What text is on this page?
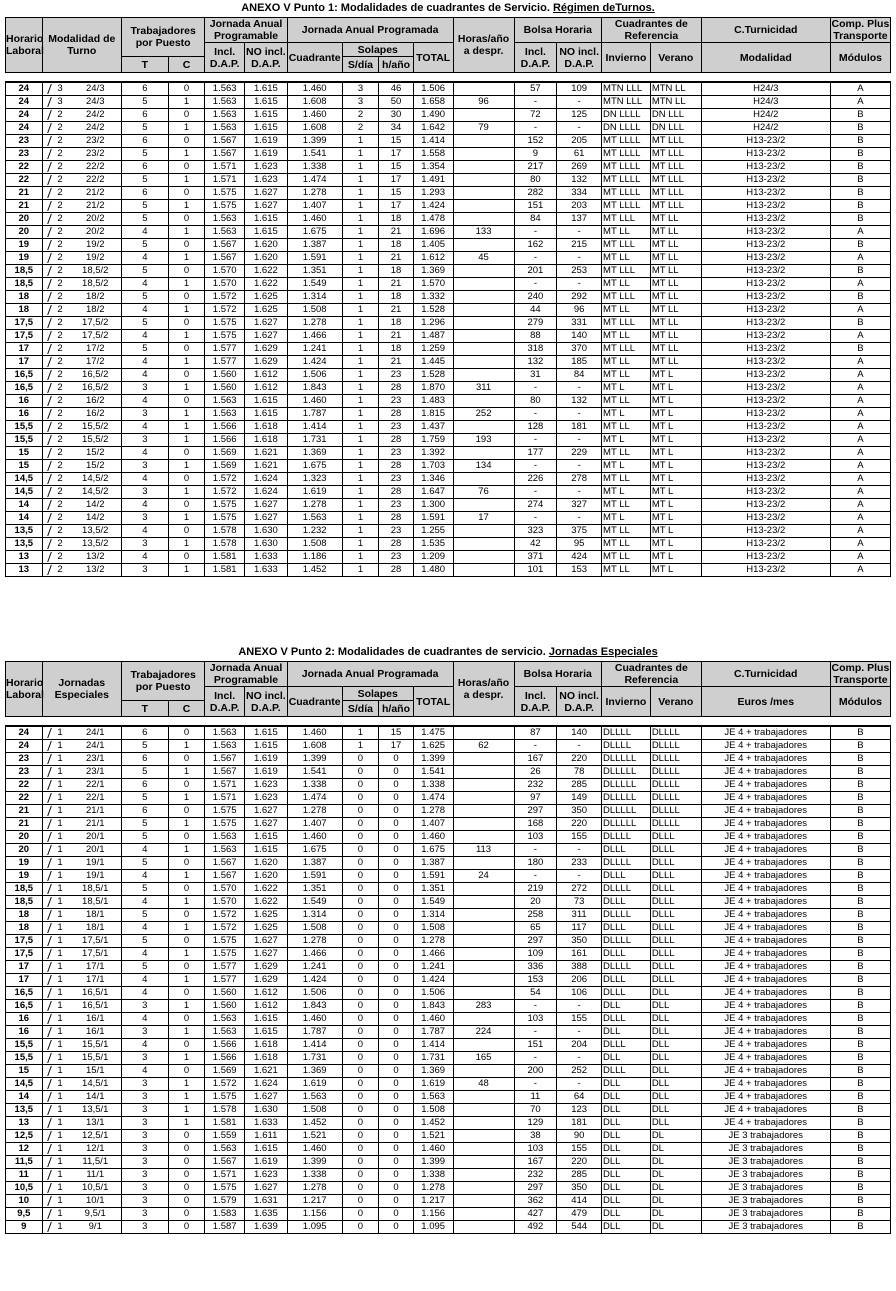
ANEXO V Punto 1: Modalidades de cuadrantes de Servicio. Régimen deTurnos.
Horario Laboral	Modalidad de Turno			Trabajadores por Puesto		Jornada Anual Programable		Jornada Anual Programada				Horas/año a despr.	Bolsa Horaria		Cuadrantes de Referencia		C.Turnicidad	Comp. Plus Transporte
						Incl. D.A.P.	NO incl. D.A.P.	Cuadrante	Solapes		TOTAL		Incl. D.A.P.	NO incl. D.A.P.	Invierno	Verano	Modalidad	Módulos
				T	C				S/día	h/año								

24		3	24/3	6	0	1.563	1.615	1.460	3	46	1.506		57	109	MTN LLL	MTN LL	H24/3	A
24		3	24/3	5	1	1.563	1.615	1.608	3	50	1.658	96	-	-	MTN LLL	MTN LL	H24/3	A
24		2	24/2	6	0	1.563	1.615	1.460	2	30	1.490		72	125	DN LLLL	DN LLL	H24/2	B
24		2	24/2	5	1	1.563	1.615	1.608	2	34	1.642	79	-	-	DN LLLL	DN LLL	H24/2	B
23		2	23/2	6	0	1.567	1.619	1.399	1	15	1.414		152	205	MT LLLL	MT LLL	H13-23/2	B
23		2	23/2	5	1	1.567	1.619	1.541	1	17	1.558		9	61	MT LLLL	MT LLL	H13-23/2	B
22		2	22/2	6	0	1.571	1.623	1.338	1	15	1.354		217	269	MT LLLL	MT LLL	H13-23/2	B
22		2	22/2	5	1	1.571	1.623	1.474	1	17	1.491		80	132	MT LLLL	MT LLL	H13-23/2	B
21		2	21/2	6	0	1.575	1.627	1.278	1	15	1.293		282	334	MT LLLL	MT LLL	H13-23/2	B
21		2	21/2	5	1	1.575	1.627	1.407	1	17	1.424		151	203	MT LLLL	MT LLL	H13-23/2	B
20		2	20/2	5	0	1.563	1.615	1.460	1	18	1.478		84	137	MT LLL	MT LL	H13-23/2	B
20		2	20/2	4	1	1.563	1.615	1.675	1	21	1.696	133	-	-	MT LL	MT LL	H13-23/2	A
19		2	19/2	5	0	1.567	1.620	1.387	1	18	1.405		162	215	MT LLL	MT LL	H13-23/2	B
19		2	19/2	4	1	1.567	1.620	1.591	1	21	1.612	45	-	-	MT LL	MT LL	H13-23/2	A
18,5		2	18,5/2	5	0	1.570	1.622	1.351	1	18	1.369		201	253	MT LLL	MT LL	H13-23/2	B
18,5		2	18,5/2	4	1	1.570	1.622	1.549	1	21	1.570		-	-	MT LL	MT LL	H13-23/2	A
18		2	18/2	5	0	1.572	1.625	1.314	1	18	1.332		240	292	MT LLL	MT LL	H13-23/2	B
18		2	18/2	4	1	1.572	1.625	1.508	1	21	1.528		44	96	MT LL	MT LL	H13-23/2	A
17,5		2	17,5/2	5	0	1.575	1.627	1.278	1	18	1.296		279	331	MT LLL	MT LL	H13-23/2	B
17,5		2	17,5/2	4	1	1.575	1.627	1.466	1	21	1.487		88	140	MT LL	MT LL	H13-23/2	A
17		2	17/2	5	0	1.577	1.629	1.241	1	18	1.259		318	370	MT LLL	MT LL	H13-23/2	B
17		2	17/2	4	1	1.577	1.629	1.424	1	21	1.445		132	185	MT LL	MT LL	H13-23/2	A
16,5		2	16,5/2	4	0	1.560	1.612	1.506	1	23	1.528		31	84	MT LL	MT L	H13-23/2	A
16,5		2	16,5/2	3	1	1.560	1.612	1.843	1	28	1.870	311	-	-	MT L	MT L	H13-23/2	A
16		2	16/2	4	0	1.563	1.615	1.460	1	23	1.483		80	132	MT LL	MT L	H13-23/2	A
16		2	16/2	3	1	1.563	1.615	1.787	1	28	1.815	252	-	-	MT L	MT L	H13-23/2	A
15,5		2	15,5/2	4	1	1.566	1.618	1.414	1	23	1.437		128	181	MT LL	MT L	H13-23/2	A
15,5		2	15,5/2	3	1	1.566	1.618	1.731	1	28	1.759	193	-	-	MT L	MT L	H13-23/2	A
15		2	15/2	4	0	1.569	1.621	1.369	1	23	1.392		177	229	MT LL	MT L	H13-23/2	A
15		2	15/2	3	1	1.569	1.621	1.675	1	28	1.703	134	-	-	MT L	MT L	H13-23/2	A
14,5		2	14,5/2	4	0	1.572	1.624	1.323	1	23	1.346		226	278	MT LL	MT L	H13-23/2	A
14,5		2	14,5/2	3	1	1.572	1.624	1.619	1	28	1.647	76	-	-	MT L	MT L	H13-23/2	A
14		2	14/2	4	0	1.575	1.627	1.278	1	23	1.300		274	327	MT LL	MT L	H13-23/2	A
14		2	14/2	3	1	1.575	1.627	1.563	1	28	1.591	17	-	-	MT L	MT L	H13-23/2	A
13,5		2	13,5/2	4	0	1.578	1.630	1.232	1	23	1.255		323	375	MT LL	MT L	H13-23/2	A
13,5		2	13,5/2	3	1	1.578	1.630	1.508	1	28	1.535		42	95	MT LL	MT L	H13-23/2	A
13		2	13/2	4	0	1.581	1.633	1.186	1	23	1.209		371	424	MT LL	MT L	H13-23/2	A
13		2	13/2	3	1	1.581	1.633	1.452	1	28	1.480		101	153	MT LL	MT L	H13-23/2	A
ANEXO V Punto 2: Modalidades de cuadrantes de servicio. Jornadas Especiales
Horario Laboral	Jornadas Especiales			Trabajadores por Puesto		Jornada Anual Programable		Jornada Anual Programada				Horas/año a despr.	Bolsa Horaria		Cuadrantes de Referencia		C.Turnicidad	Comp. Plus Transporte
						Incl. D.A.P.	NO incl. D.A.P.	Cuadrante	Solapes		TOTAL		Incl. D.A.P.	NO incl. D.A.P.	Invierno	Verano	Euros /mes	Módulos
				T	C				S/día	h/año								

24		1	24/1	6	0	1.563	1.615	1.460	1	15	1.475		87	140	DLLLL	DLLLL	JE 4 + trabajadores	B
24		1	24/1	5	1	1.563	1.615	1.608	1	17	1.625	62	-	-	DLLLL	DLLLL	JE 4 + trabajadores	B
23		1	23/1	6	0	1.567	1.619	1.399	0	0	1.399		167	220	DLLLLL	DLLLL	JE 4 + trabajadores	B
23		1	23/1	5	1	1.567	1.619	1.541	0	0	1.541		26	78	DLLLLL	DLLLL	JE 4 + trabajadores	B
22		1	22/1	6	0	1.571	1.623	1.338	0	0	1.338		232	285	DLLLLL	DLLLL	JE 4 + trabajadores	B
22		1	22/1	5	1	1.571	1.623	1.474	0	0	1.474		97	149	DLLLLL	DLLLL	JE 4 + trabajadores	B
21		1	21/1	6	0	1.575	1.627	1.278	0	0	1.278		297	350	DLLLLL	DLLLL	JE 4 + trabajadores	B
21		1	21/1	5	1	1.575	1.627	1.407	0	0	1.407		168	220	DLLLLL	DLLLL	JE 4 + trabajadores	B
20		1	20/1	5	0	1.563	1.615	1.460	0	0	1.460		103	155	DLLLL	DLLL	JE 4 + trabajadores	B
20		1	20/1	4	1	1.563	1.615	1.675	0	0	1.675	113	-	-	DLLL	DLLL	JE 4 + trabajadores	B
19		1	19/1	5	0	1.567	1.620	1.387	0	0	1.387		180	233	DLLLL	DLLL	JE 4 + trabajadores	B
19		1	19/1	4	1	1.567	1.620	1.591	0	0	1.591	24	-	-	DLLL	DLLL	JE 4 + trabajadores	B
18,5		1	18,5/1	5	0	1.570	1.622	1.351	0	0	1.351		219	272	DLLLL	DLLL	JE 4 + trabajadores	B
18,5		1	18,5/1	4	1	1.570	1.622	1.549	0	0	1.549		20	73	DLLL	DLLL	JE 4 + trabajadores	B
18		1	18/1	5	0	1.572	1.625	1.314	0	0	1.314		258	311	DLLLL	DLLL	JE 4 + trabajadores	B
18		1	18/1	4	1	1.572	1.625	1.508	0	0	1.508		65	117	DLLL	DLLL	JE 4 + trabajadores	B
17,5		1	17,5/1	5	0	1.575	1.627	1.278	0	0	1.278		297	350	DLLLL	DLLL	JE 4 + trabajadores	B
17,5		1	17,5/1	4	1	1.575	1.627	1.466	0	0	1.466		109	161	DLLL	DLLL	JE 4 + trabajadores	B
17		1	17/1	5	0	1.577	1.629	1.241	0	0	1.241		336	388	DLLLL	DLLL	JE 4 + trabajadores	B
17		1	17/1	4	1	1.577	1.629	1.424	0	0	1.424		153	206	DLLL	DLLL	JE 4 + trabajadores	B
16,5		1	16,5/1	4	0	1.560	1.612	1.506	0	0	1.506		54	106	DLLL	DLL	JE 4 + trabajadores	B
16,5		1	16,5/1	3	1	1.560	1.612	1.843	0	0	1.843	283	-	-	DLL	DLL	JE 4 + trabajadores	B
16		1	16/1	4	0	1.563	1.615	1.460	0	0	1.460		103	155	DLLL	DLL	JE 4 + trabajadores	B
16		1	16/1	3	1	1.563	1.615	1.787	0	0	1.787	224	-	-	DLL	DLL	JE 4 + trabajadores	B
15,5		1	15,5/1	4	0	1.566	1.618	1.414	0	0	1.414		151	204	DLLL	DLL	JE 4 + trabajadores	B
15,5		1	15,5/1	3	1	1.566	1.618	1.731	0	0	1.731	165	-	-	DLL	DLL	JE 4 + trabajadores	B
15		1	15/1	4	0	1.569	1.621	1.369	0	0	1.369		200	252	DLLL	DLL	JE 4 + trabajadores	B
14,5		1	14,5/1	3	1	1.572	1.624	1.619	0	0	1.619	48	-	-	DLL	DLL	JE 4 + trabajadores	B
14		1	14/1	3	1	1.575	1.627	1.563	0	0	1.563		11	64	DLL	DLL	JE 4 + trabajadores	B
13,5		1	13,5/1	3	1	1.578	1.630	1.508	0	0	1.508		70	123	DLL	DLL	JE 4 + trabajadores	B
13		1	13/1	3	1	1.581	1.633	1.452	0	0	1.452		129	181	DLL	DLL	JE 4 + trabajadores	B
12,5		1	12,5/1	3	0	1.559	1.611	1.521	0	0	1.521		38	90	DLL	DL	JE 3 trabajadores	B
12		1	12/1	3	0	1.563	1.615	1.460	0	0	1.460		103	155	DLL	DL	JE 3 trabajadores	B
11,5		1	11,5/1	3	0	1.567	1.619	1.399	0	0	1.399		167	220	DLL	DL	JE 3 trabajadores	B
11		1	11/1	3	0	1.571	1.623	1.338	0	0	1.338		232	285	DLL	DL	JE 3 trabajadores	B
10,5		1	10,5/1	3	0	1.575	1.627	1.278	0	0	1.278		297	350	DLL	DL	JE 3 trabajadores	B
10		1	10/1	3	0	1.579	1.631	1.217	0	0	1.217		362	414	DLL	DL	JE 3 trabajadores	B
9,5		1	9,5/1	3	0	1.583	1.635	1.156	0	0	1.156		427	479	DLL	DL	JE 3 trabajadores	B
9		1	9/1	3	0	1.587	1.639	1.095	0	0	1.095		492	544	DLL	DL	JE 3 trabajadores	B
